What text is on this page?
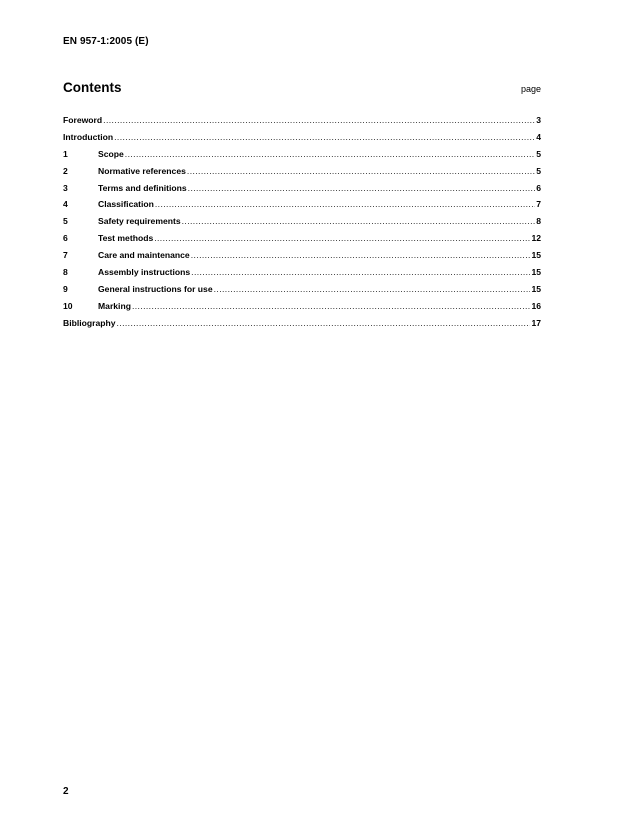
EN 957-1:2005 (E)
Contents	page
Foreword .....	3
Introduction .....	4
1	Scope .....	5
2	Normative references .....	5
3	Terms and definitions .....	6
4	Classification .....	7
5	Safety requirements .....	8
6	Test methods .....	12
7	Care and maintenance .....	15
8	Assembly instructions .....	15
9	General instructions for use .....	15
10	Marking .....	16
Bibliography .....	17
2
